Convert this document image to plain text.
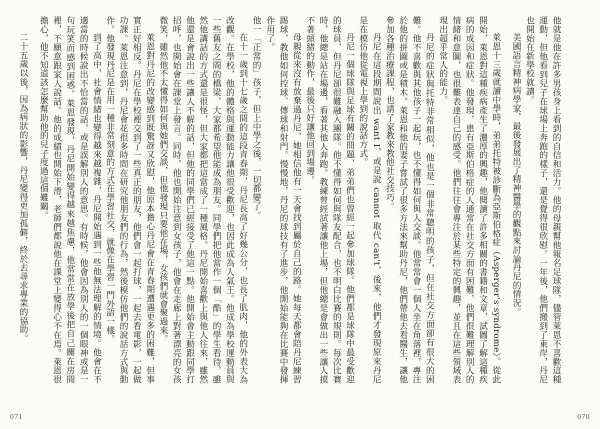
他一「正常的」孩子，但上中學之後，一切都變了。

在十一歲到十七歲之間的這段青春期，丹尼長高了好幾公分，也長了肌肉，他的外表大為改觀。在學校，他的體格與運動能力讓他很受歡迎，也因此成為人氣王。他成為學校運動員與一些舊友之間的橋梁，大家都希望他能成為朋友。同學們把他當作一個「酷」的學生看待，雖然他講話的方式還是很怪，但大家都把這當成了一種風格。丹尼開始喜歡上與他人往來，雖然他還是會說出一些讓人不解的話，但他的同學們已經接受了他這一點。他開始會主動跟同學打招呼，也開始會在課堂上發言。同時，他也開始注意到女孩子，他會在走廊上對著漂亮的女孩微笑，雖然他不太懂得如何與她們交談，但他發現只要他在場，女孩們就會聚過來。

萊恩對丹尼的改變感到既驚訝又欣慰，他原本擔心丹尼會在青春期遭遇更多的困難，但事實正好相反。丹尼在學校裡交到了一些真正的朋友，他們會一起打球，一起去看電影，一起做功課。萊恩注意到，丹尼會花很多時間在研究他朋友們的行為，然後模仿他們的說話方式與動作。他發現丹尼是在用一種非常刻意的方式在學習社交，就像在學習一門外語一樣。

到了高中，社會情緒也變得越來越複雜，丹尼開始遇到一些他無法理解的情境。他會在不適當的時候說出不恰當的話，或是誤解別人的意思。有時候，他會因為別人的一個眼神或是一句玩笑而感到困惑。萊恩發現，丹尼開始變得越來越焦慮，他常常在放學後把自己關在房間裡，不願意跟家人說話。他的成績也開始下滑，老師們都說他在課堂上變得心不在焉。萊恩很擔心，他不知道該怎麼幫助他的兒子度過這個難關。

二十五歲以後，因為病狀的影響，丹尼變得更加孤僻，終於去尋求專業的協助。

071

他就是他在許多男孩身上看到的自信和活力。他的母親幫他報名足球隊，儘管萊恩不喜歡這種運動，但他看到兒子在球場上奔跑的樣子，還是覺得很欣慰。一年後，他們搬到了東岸，丹尼也開始在新學校就讀。

美國語言精神病學家，最後發展出了精神醫學的觀點來討論丹尼的情況。

萊恩十三歲就讀中學時，弟弟托特被診斷為亞斯伯格症（Asperger's syndrome）。從此開始，萊恩對這種疾病產生了濃厚的興趣，他閱讀了許多相關的書籍和文章，試圖了解這種疾病的成因和症狀。他發現，患有亞斯伯格症的人通常在社交方面有困難，他們很難理解別人的情緒和意圖，也很難表達自己的感受。他們往往會專注於某些特定的興趣，並且在這些領域表現出超乎常人的能力。

丹尼的症狀與托特非常相似，他也是一個非常聰明的孩子，但在社交方面卻有很大的困難。他不喜歡與其他孩子一起玩，也不懂得如何與人交談。他常常會一個人坐在角落裡，專注於他的拼圖或是積木。萊恩和他的妻子嘗試了很多方法來幫助丹尼，他們帶他去看醫生，讓他參加各種治療課程，也請了家教來教他社交技巧。

丹尼在這段期間說出 want I，或是說 cannot 取代 can't，後來，他們才發現原來丹尼是在模仿他從電視上學到的說話方式。

丹尼一個球隊與足球有關的問題，弟弟們也曾經一起參加球隊。他們都是球隊中最受歡迎的球員，但丹尼卻很難融入團隊。他不懂得如何與隊友配合，也不明白比賽的規則。每次比賽時，他總是站在場邊，看著其他人奔跑。教練曾經試著讓他上場，但他總是會做出一些讓人摸不著頭緒的動作，最後只好讓他回到場邊。

母親從來沒有放棄過丹尼，她相信他有一天會找到屬於自己的路。她每天都會陪丹尼練習踢球，教他如何控球、傳球和射門。慢慢地，丹尼的球技有了進步，他開始能夠在比賽中發揮作用了。

070
